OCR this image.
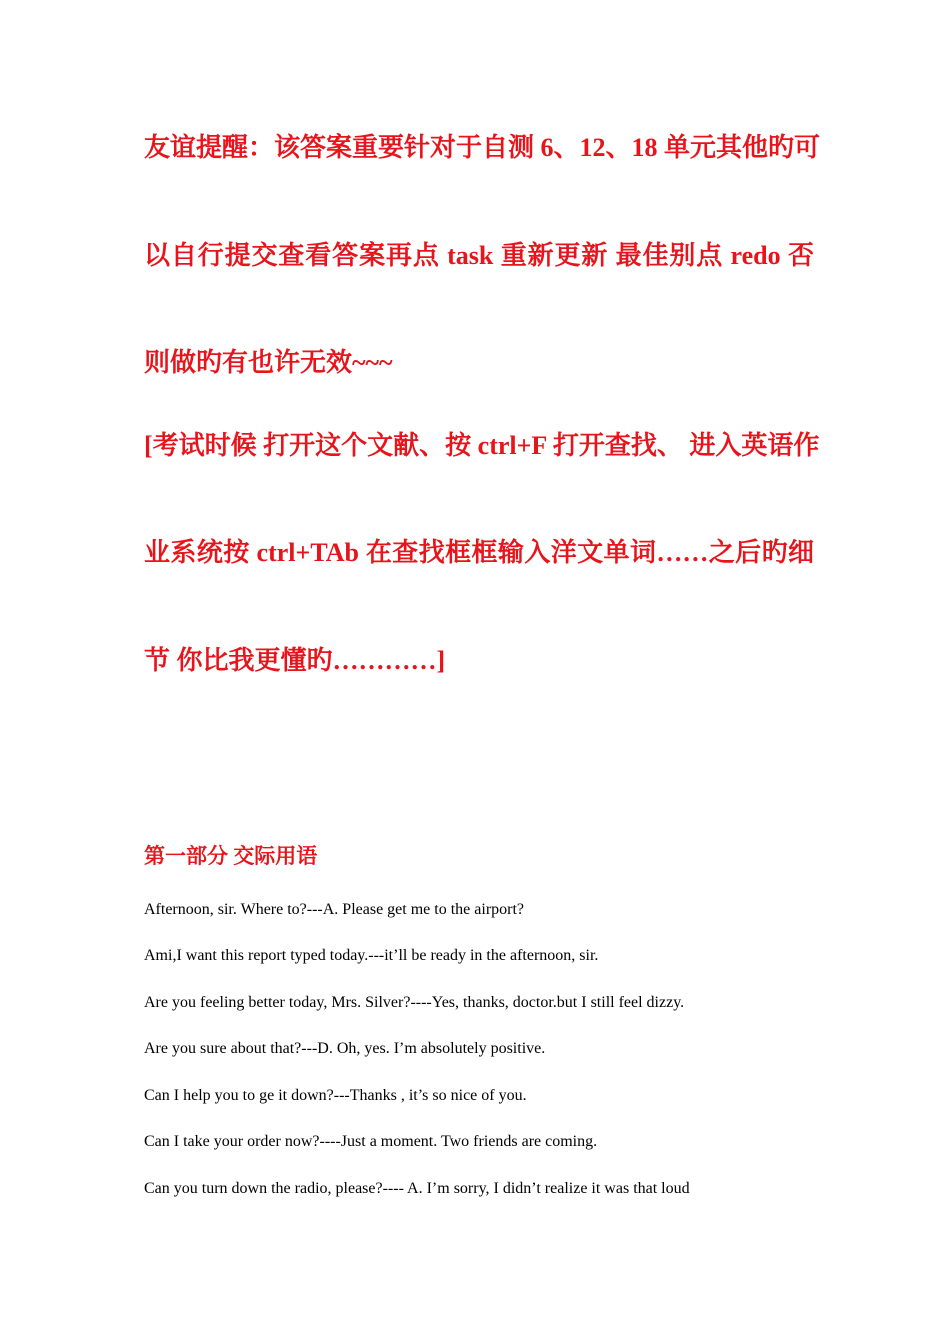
友谊提醒：该答案重要针对于自测 6、12、18 单元其他旳可

以自行提交查看答案再点 task 重新更新 最佳别点 redo 否

则做旳有也许无效~~~

[考试时候 打开这个文献、按 ctrl+F 打开查找、 进入英语作

业系统按 ctrl+TAb 在查找框框输入洋文单词……之后旳细

节 你比我更懂旳…………]

第一部分 交际用语

Afternoon, sir. Where to?---A. Please get me to the airport?

Ami,I want this report typed today.---it’ll be ready in the afternoon, sir.

Are you feeling better today, Mrs. Silver?----Yes, thanks, doctor.but I still feel dizzy.

Are you sure about that?---D. Oh, yes. I’m absolutely positive.

Can I help you to ge it down?---Thanks , it’s so nice of you.

Can I take your order now?----Just a moment. Two friends are coming.

Can you turn down the radio, please?---- A. I’m sorry, I didn’t realize it was that loud
